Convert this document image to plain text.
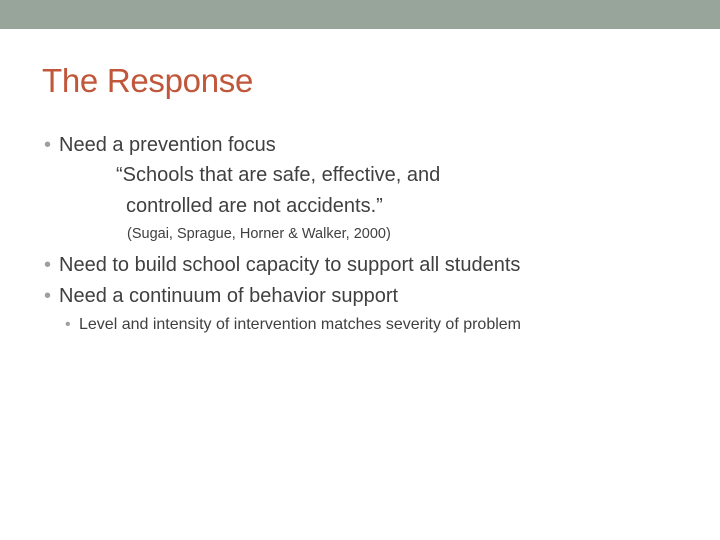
The Response
• Need a prevention focus
“Schools that are safe, effective, and
controlled are not accidents.”
(Sugai, Sprague, Horner & Walker, 2000)
• Need to build school capacity to support all students
• Need a continuum of behavior support
• Level and intensity of intervention matches severity of problem
